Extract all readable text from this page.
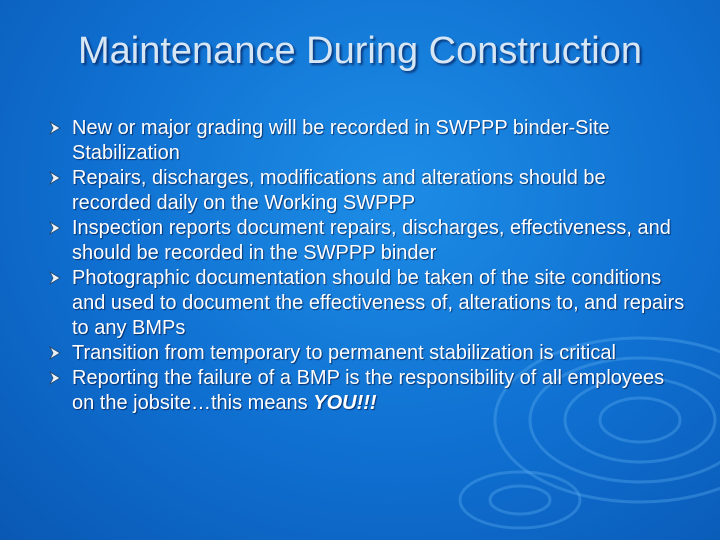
Maintenance During Construction
New or major grading will be recorded in SWPPP binder-Site Stabilization
Repairs, discharges, modifications and alterations should be recorded daily on the Working SWPPP
Inspection reports document repairs, discharges, effectiveness, and should be recorded in the SWPPP binder
Photographic documentation should be taken of the site conditions and used to document the effectiveness of, alterations to, and repairs to any BMPs
Transition from temporary to permanent stabilization is critical
Reporting the failure of a BMP is the responsibility of all employees on the jobsite…this means YOU!!!
